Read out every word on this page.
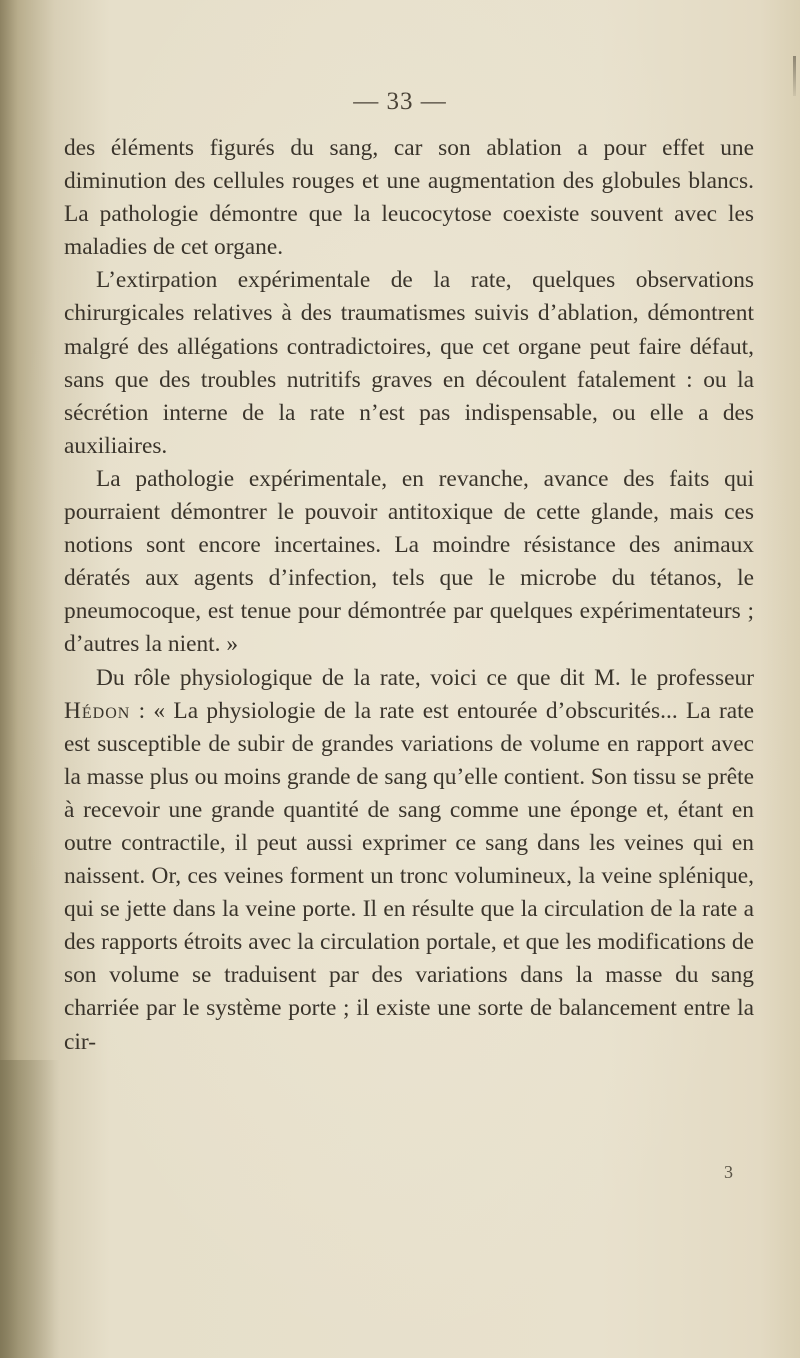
— 33 —

des éléments figurés du sang, car son ablation a pour effet une diminution des cellules rouges et une augmentation des globules blancs. La pathologie démontre que la leucocytose coexiste souvent avec les maladies de cet organe.

L’extirpation expérimentale de la rate, quelques observations chirurgicales relatives à des traumatismes suivis d’ablation, démontrent malgré des allégations contradictoires, que cet organe peut faire défaut, sans que des troubles nutritifs graves en découlent fatalement : ou la sécrétion interne de la rate n’est pas indispensable, ou elle a des auxiliaires.

La pathologie expérimentale, en revanche, avance des faits qui pourraient démontrer le pouvoir antitoxique de cette glande, mais ces notions sont encore incertaines. La moindre résistance des animaux dératés aux agents d’infection, tels que le microbe du tétanos, le pneumocoque, est tenue pour démontrée par quelques expérimentateurs ; d’autres la nient. »

Du rôle physiologique de la rate, voici ce que dit M. le professeur Hédon : « La physiologie de la rate est entourée d’obscurités... La rate est susceptible de subir de grandes variations de volume en rapport avec la masse plus ou moins grande de sang qu’elle contient. Son tissu se prête à recevoir une grande quantité de sang comme une éponge et, étant en outre contractile, il peut aussi exprimer ce sang dans les veines qui en naissent. Or, ces veines forment un tronc volumineux, la veine splénique, qui se jette dans la veine porte. Il en résulte que la circulation de la rate a des rapports étroits avec la circulation portale, et que les modifications de son volume se traduisent par des variations dans la masse du sang charriée par le système porte ; il existe une sorte de balancement entre la cir-

3
